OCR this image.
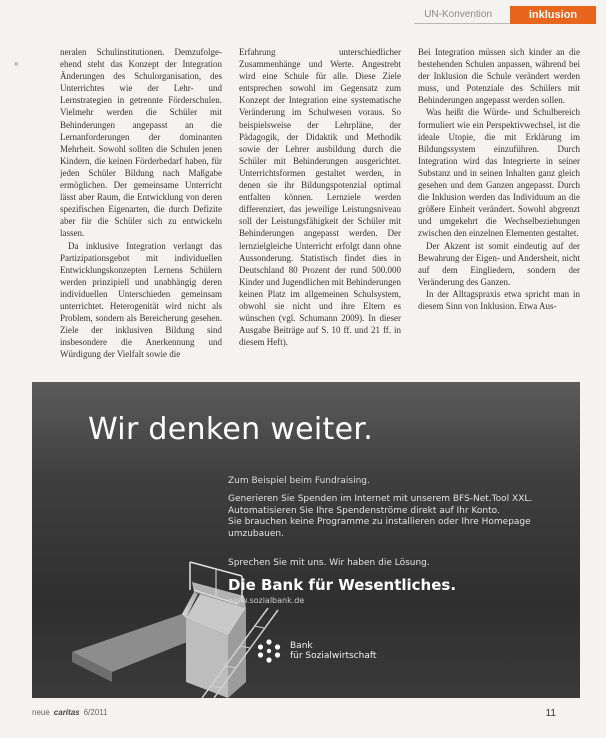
UN-Konvention	inklusion
»

neralen Schulinstitutionen. Demzufolge-ehend steht das Konzept der Integration Änderungen des Schulorganisation, des Unterrichtes wie der Lehr- und Lernstrategien in getrennte Förderschulen. Vielmehr werden die Schüler mit Behinderungen angepasst an die Lernanforderungen der dominanten Mehrheit. Sowohl sollten die Schulen jenen Kindern, die keinen Förderbedarf haben, für jeden Schüler Bildung nach Maßgabe ermöglichen. Der gemeinsame Unterricht lässt aber Raum, die Entwicklung von deren spezifischen Eigenarten, die durch Defizite aber für die Schüler sich zu entwickeln lassen.

Da inklusive Integration verlangt das Partizipationsgebot mit individuellen Entwicklungskonzepten Lernens Schülern werden prinzipiell und unabhängig deren individuellen Unterschieden gemeinsam unterrichtet. Heterogenität wird nicht als Problem, sondern als Bereicherung gesehen. Ziele der inklusiven Bildung sind insbesondere die Anerkennung und Würdigung der Vielfalt sowie die

Erfahrung unterschiedlicher Zusammenhänge und Werte. Angestrebt wird eine Schule für alle. Diese Ziele entsprechen sowohl im Gegensatz zum Konzept der Integration eine systematische Veränderung im Schulwesen voraus. So beispielsweise der Lehrpläne, der Pädagogik, der Didaktik und Methodik sowie der Lehrer ausbildung durch die Schüler mit Behinderungen ausgerichtet. Unterrichtsformen gestaltet werden, in denen sie ihr Bildungspotenzial optimal entfalten können. Lernziele werden differenziert, das jeweilige Leistungsniveau soll der Leistungsfähigkeit der Schüler mit Behinderungen angepasst werden. Der lernzielgleiche Unterricht erfolgt dann ohne Aussonderung. Statistisch findet dies in Deutschland 80 Prozent der rund 500.000 Kinder und Jugendlichen mit Behinderungen keinen Platz im allgemeinen Schulsystem, obwohl sie nicht und ihre Eltern es wünschen (vgl. Schumann 2009). In dieser Ausgabe Beiträge auf S. 10 ff. und 21 ff. in diesem Heft).

Bei Integration müssen sich kinder an die bestehenden Schulen anpassen, während bei der Inklusion die Schule verändert werden muss, und Potenziale des Schülers mit Behinderungen angepasst werden sollen.

Was heißt die Würde- und Schulbereich formuliert wie ein Perspektivwechsel, ist die ideale Utopie, die mit Erklärung im Bildungssystem einzuführen. Durch Integration wird das Integrierte in seiner Substanz und in seinen Inhalten ganz gleich gesehen und dem Ganzen angepasst. Durch die Inklusion werden das Individuum an die größere Einheit verändert. Sowohl abgrenzt und umgekehrt die Wechselbeziehungen zwischen den einzelnen Elementen gestaltet.

Der Akzent ist somit eindeutig auf der Bewahrung der Eigen- und Andersheit, nicht auf dem Eingliedern, sondern der Veränderung des Ganzen.

In der Alltagspraxis etwa spricht man in diesem Sinn von Inklusion. Etwa Aus-

Wir denken weiter.
Zum Beispiel beim Fundraising.

Generieren Sie Spenden im Internet mit unserem BFS-Net.Tool XXL.

Automatisieren Sie Ihre Spendenströme direkt auf Ihr Konto.

Sie brauchen keine Programme zu installieren oder Ihre Homepage umzubauen.

Sprechen Sie mit uns. Wir haben die Lösung.
Die Bank für Wesentliches.
www.sozialbank.de
Bank
für Sozialwirtschaft
neue caritas 6/2011	11
